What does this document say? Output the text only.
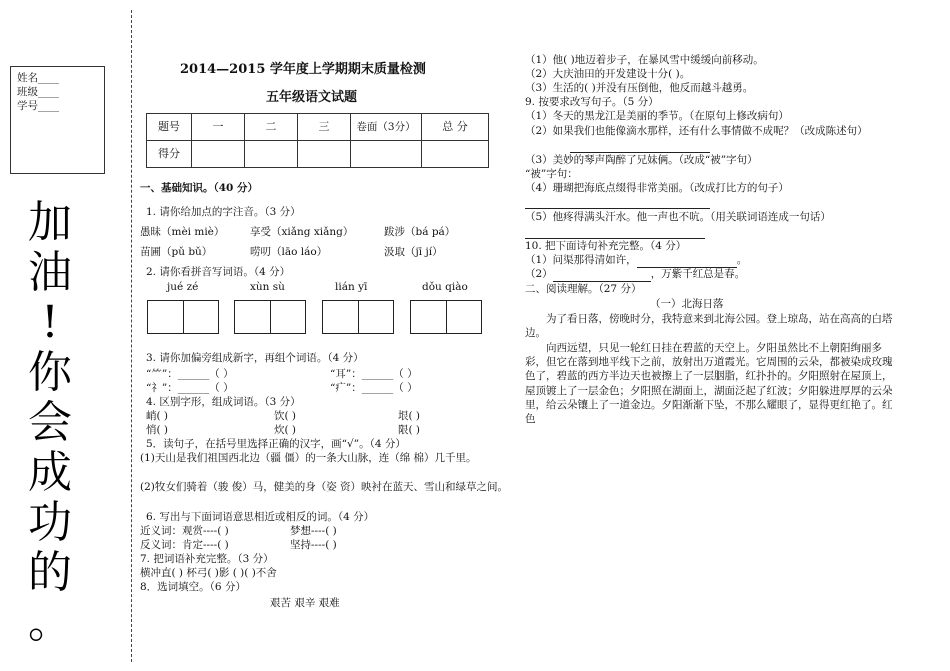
姓名____
班级____
学号____
加
油
!
你
会
成
功
的
。
2014—2015 学年度上学期期末质量检测
五年级语文试题
题号	一	二	三	卷面（3分）	总 分
得分					
一、基础知识。（40 分）
1. 请你给加点的字注音。（3 分）
愚昧（mèi miè） 享受（xiǎng xiǎng）	跋涉（bá pá）
苗圃（pǔ bǔ）	唠叨（lāo láo）	汲取（jī jí）
2. 请你看拼音写词语。（4 分）
jué zé	xùn sù	lián yī	dǒu qiào
3. 请你加偏旁组成新字，再组个词语。（4 分）
“⺮”：______（ ）	“耳”：______（ ）
“礻”：______（ ）	“疒”：______（ ）
4. 区别字形，组成词语。（3 分）
峭( )	饮( )	垠( )
悄( )	炊( )	限( )
5．读句子，在括号里选择正确的汉字，画“√”。（4 分）
(1)天山是我们祖国西北边（疆 僵）的一条大山脉，连（绵 棉）几千里。
(2)牧女们骑着（骏 俊）马，健美的身（姿 资）映衬在蓝天、雪山和绿草之间。
6. 写出与下面词语意思相近或相反的词。（4 分）
近义词：观赏----( )	梦想----( )
反义词：肯定----( )	坚持----( )
7. 把词语补充完整。（3 分）
横冲直( ) 杯弓( )影 ( )( )不舍
8．选词填空。（6 分）
艰苦 艰辛 艰难
（1）他( )地迈着步子，在暴风雪中缓缓向前移动。
（2）大庆油田的开发建设十分( )。
（3）生活的( )并没有压倒他，他反而越斗越勇。
9. 按要求改写句子。（5 分）
（1）冬天的黑龙江是美丽的季节。（在原句上修改病句）
（2）如果我们也能像滴水那样，还有什么事情做不成呢？（改成陈述句）
（3）美妙的琴声陶醉了兄妹俩。（改成“被”字句）
“被”字句：
（4）珊瑚把海底点缀得非常美丽。（改成打比方的句子）
（5）他疼得满头汗水。他一声也不吭。（用关联词语连成一句话）
10. 把下面诗句补充完整。（4 分）
（1）问渠那得清如许，	。
（2）	，万紫千红总是春。
二、阅读理解。（27 分）
（一）北海日落
为了看日落，傍晚时分，我特意来到北海公园。登上琼岛，站在高高的白塔边。
向西远望，只见一轮红日挂在碧蓝的天空上。夕阳虽然比不上朝阳绚丽多彩，但它在落到地平线下之前，放射出万道霞光。它周围的云朵，都被染成玫瑰色了，碧蓝的西方半边天也被擦上了一层胭脂，红扑扑的。夕阳照射在屋顶上，屋顶镀上了一层金色；夕阳照在湖面上，湖面泛起了红波；夕阳躲进厚厚的云朵里，给云朵镶上了一道金边。夕阳渐渐下坠，不那么耀眼了，显得更红艳了。红色
